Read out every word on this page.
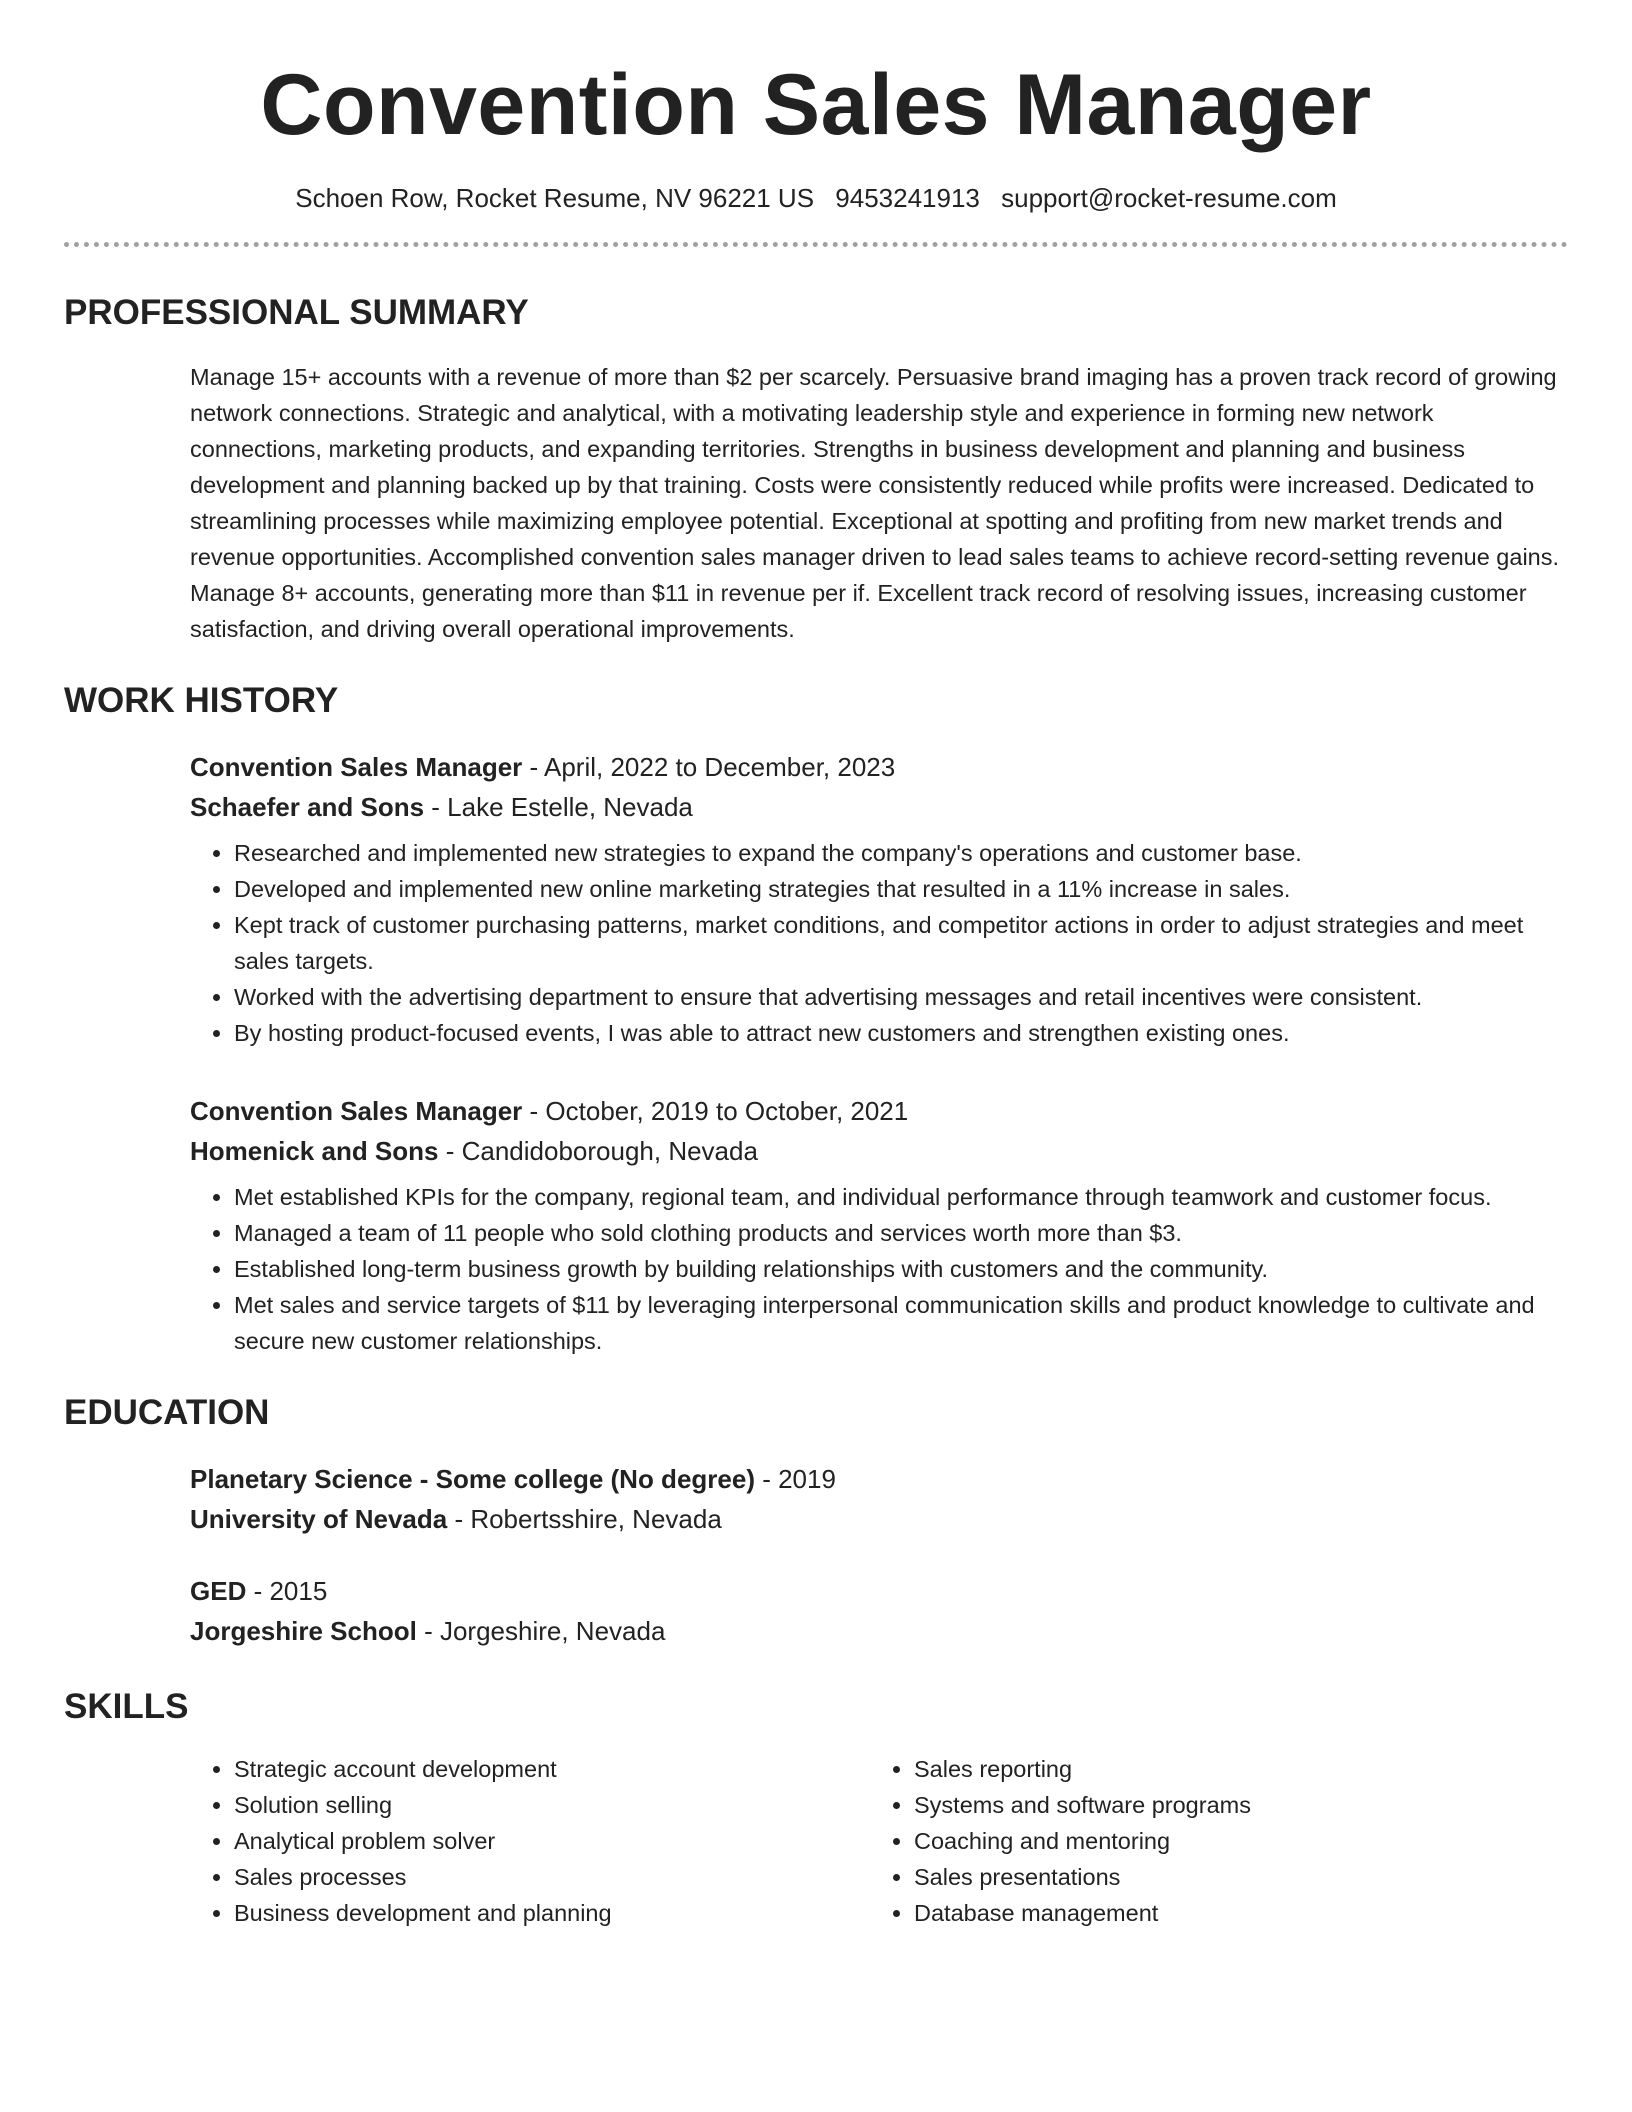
Convention Sales Manager
Schoen Row, Rocket Resume, NV 96221 US 9453241913 support@rocket-resume.com
PROFESSIONAL SUMMARY
Manage 15+ accounts with a revenue of more than $2 per scarcely. Persuasive brand imaging has a proven track record of growing network connections. Strategic and analytical, with a motivating leadership style and experience in forming new network connections, marketing products, and expanding territories. Strengths in business development and planning and business development and planning backed up by that training. Costs were consistently reduced while profits were increased. Dedicated to streamlining processes while maximizing employee potential. Exceptional at spotting and profiting from new market trends and revenue opportunities. Accomplished convention sales manager driven to lead sales teams to achieve record-setting revenue gains. Manage 8+ accounts, generating more than $11 in revenue per if. Excellent track record of resolving issues, increasing customer satisfaction, and driving overall operational improvements.
WORK HISTORY
Convention Sales Manager - April, 2022 to December, 2023
Schaefer and Sons - Lake Estelle, Nevada
• Researched and implemented new strategies to expand the company's operations and customer base.
• Developed and implemented new online marketing strategies that resulted in a 11% increase in sales.
• Kept track of customer purchasing patterns, market conditions, and competitor actions in order to adjust strategies and meet sales targets.
• Worked with the advertising department to ensure that advertising messages and retail incentives were consistent.
• By hosting product-focused events, I was able to attract new customers and strengthen existing ones.
Convention Sales Manager - October, 2019 to October, 2021
Homenick and Sons - Candidoborough, Nevada
• Met established KPIs for the company, regional team, and individual performance through teamwork and customer focus.
• Managed a team of 11 people who sold clothing products and services worth more than $3.
• Established long-term business growth by building relationships with customers and the community.
• Met sales and service targets of $11 by leveraging interpersonal communication skills and product knowledge to cultivate and secure new customer relationships.
EDUCATION
Planetary Science - Some college (No degree) - 2019
University of Nevada - Robertsshire, Nevada
GED - 2015
Jorgeshire School - Jorgeshire, Nevada
SKILLS
• Strategic account development
• Solution selling
• Analytical problem solver
• Sales processes
• Business development and planning
• Sales reporting
• Systems and software programs
• Coaching and mentoring
• Sales presentations
• Database management
